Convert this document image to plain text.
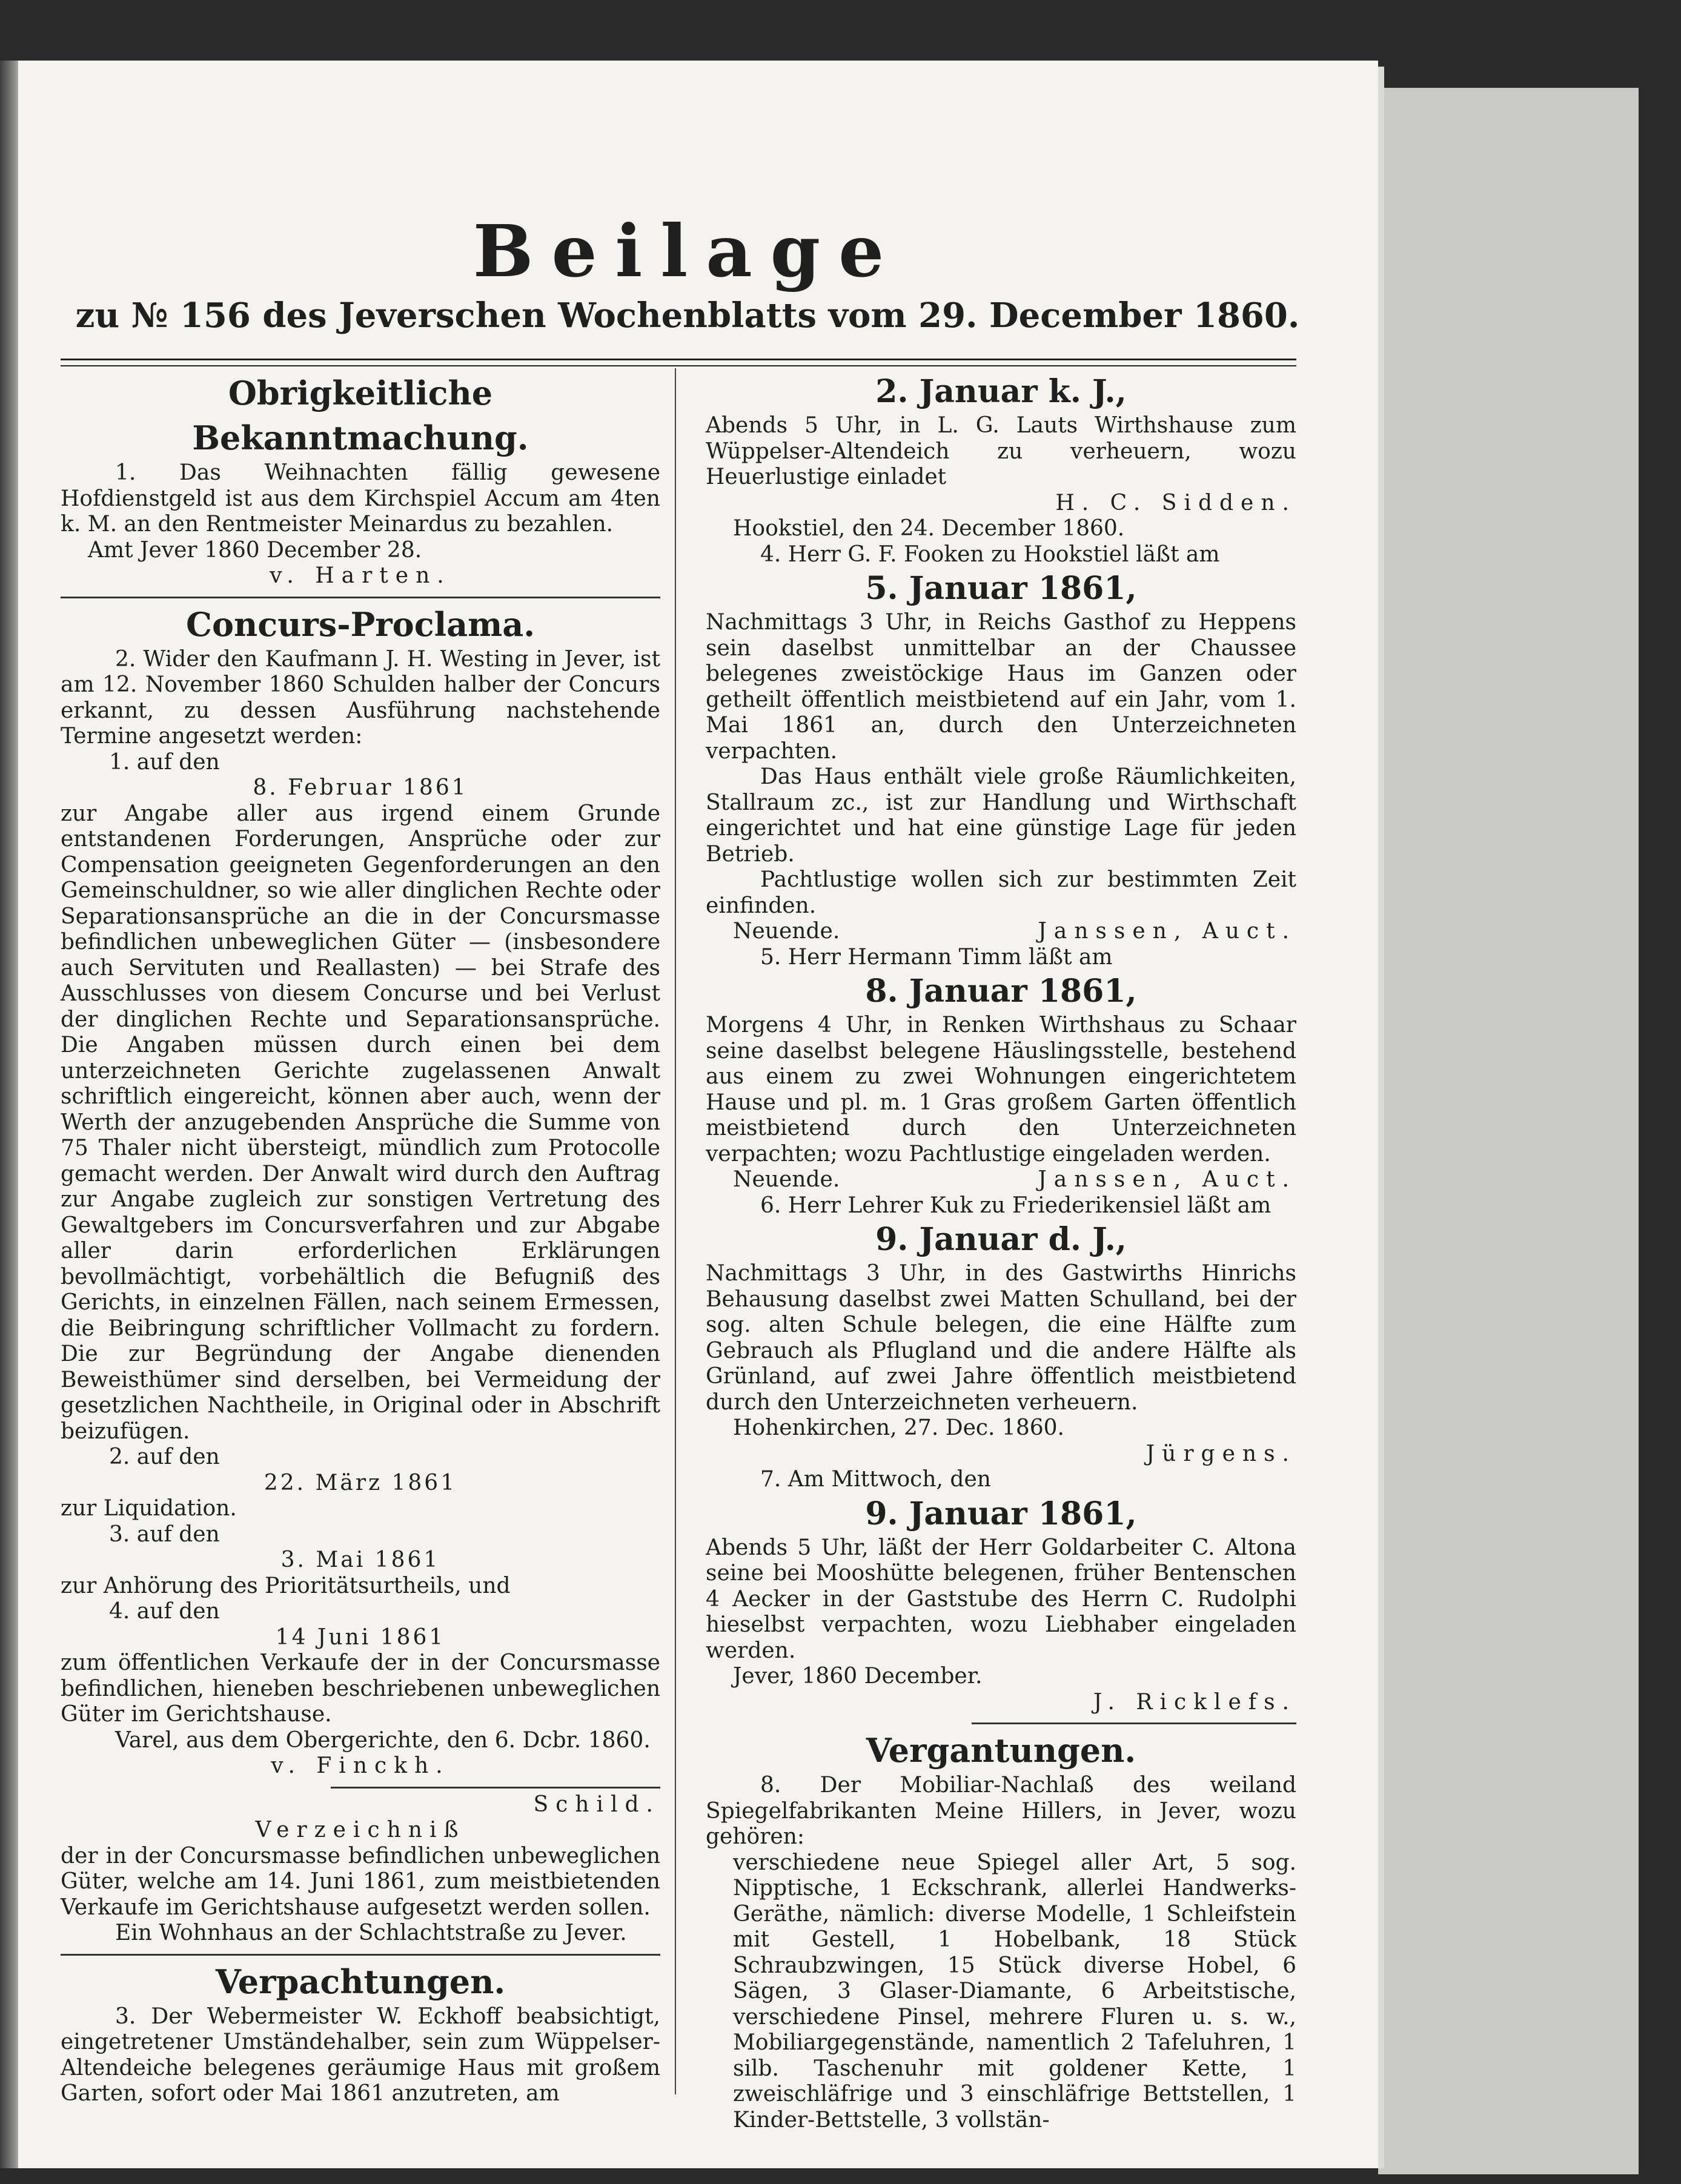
Beilage
zu № 156 des Jeverschen Wochenblatts vom 29. December 1860.

Obrigkeitliche Bekanntmachung.

1. Das Weihnachten fällig gewesene Hofdienstgeld ist aus dem Kirchspiel Accum am 4ten k. M. an den Rentmeister Meinardus zu bezahlen.

Amt Jever 1860 December 28.

v. Harten.

Concurs-Proclama.

2. Wider den Kaufmann J. H. Westing in Jever, ist am 12. November 1860 Schulden halber der Concurs erkannt, zu dessen Ausführung nachstehende Termine angesetzt werden:

1. auf den

8. Februar 1861

zur Angabe aller aus irgend einem Grunde entstandenen Forderungen, Ansprüche oder zur Compensation geeigneten Gegenforderungen an den Gemeinschuldner, so wie aller dinglichen Rechte oder Separationsansprüche an die in der Concursmasse befindlichen unbeweglichen Güter — (insbesondere auch Servituten und Reallasten) — bei Strafe des Ausschlusses von diesem Concurse und bei Verlust der dinglichen Rechte und Separationsansprüche. Die Angaben müssen durch einen bei dem unterzeichneten Gerichte zugelassenen Anwalt schriftlich eingereicht, können aber auch, wenn der Werth der anzugebenden Ansprüche die Summe von 75 Thaler nicht übersteigt, mündlich zum Protocolle gemacht werden. Der Anwalt wird durch den Auftrag zur Angabe zugleich zur sonstigen Vertretung des Gewaltgebers im Concursverfahren und zur Abgabe aller darin erforderlichen Erklärungen bevollmächtigt, vorbehältlich die Befugniß des Gerichts, in einzelnen Fällen, nach seinem Ermessen, die Beibringung schriftlicher Vollmacht zu fordern. Die zur Begründung der Angabe dienenden Beweisthümer sind derselben, bei Vermeidung der gesetzlichen Nachtheile, in Original oder in Abschrift beizufügen.

2. auf den

22. März 1861

zur Liquidation.

3. auf den

3. Mai 1861

zur Anhörung des Prioritätsurtheils, und

4. auf den

14 Juni 1861

zum öffentlichen Verkaufe der in der Concursmasse befindlichen, hieneben beschriebenen unbeweglichen Güter im Gerichtshause.

Varel, aus dem Obergerichte, den 6. Dcbr. 1860.

v. Finckh.

Schild.

Verzeichniß

der in der Concursmasse befindlichen unbeweglichen Güter, welche am 14. Juni 1861, zum meistbietenden Verkaufe im Gerichtshause aufgesetzt werden sollen.

Ein Wohnhaus an der Schlachtstraße zu Jever.

Verpachtungen.

3. Der Webermeister W. Eckhoff beabsichtigt, eingetretener Umständehalber, sein zum Wüppelser-Altendeiche belegenes geräumige Haus mit großem Garten, sofort oder Mai 1861 anzutreten, am

2. Januar k. J.,

Abends 5 Uhr, in L. G. Lauts Wirthshause zum Wüppelser-Altendeich zu verheuern, wozu Heuerlustige einladet

H. C. Sidden.

Hookstiel, den 24. December 1860.

4. Herr G. F. Fooken zu Hookstiel läßt am

5. Januar 1861,

Nachmittags 3 Uhr, in Reichs Gasthof zu Heppens sein daselbst unmittelbar an der Chaussee belegenes zweistöckige Haus im Ganzen oder getheilt öffentlich meistbietend auf ein Jahr, vom 1. Mai 1861 an, durch den Unterzeichneten verpachten.

Das Haus enthält viele große Räumlichkeiten, Stallraum zc., ist zur Handlung und Wirthschaft eingerichtet und hat eine günstige Lage für jeden Betrieb.

Pachtlustige wollen sich zur bestimmten Zeit einfinden.

Neuende.	Janssen, Auct.

5. Herr Hermann Timm läßt am

8. Januar 1861,

Morgens 4 Uhr, in Renken Wirthshaus zu Schaar seine daselbst belegene Häuslingsstelle, bestehend aus einem zu zwei Wohnungen eingerichtetem Hause und pl. m. 1 Gras großem Garten öffentlich meistbietend durch den Unterzeichneten verpachten; wozu Pachtlustige eingeladen werden.

Neuende.	Janssen, Auct.

6. Herr Lehrer Kuk zu Friederikensiel läßt am

9. Januar d. J.,

Nachmittags 3 Uhr, in des Gastwirths Hinrichs Behausung daselbst zwei Matten Schulland, bei der sog. alten Schule belegen, die eine Hälfte zum Gebrauch als Pflugland und die andere Hälfte als Grünland, auf zwei Jahre öffentlich meistbietend durch den Unterzeichneten verheuern.

Hohenkirchen, 27. Dec. 1860.

Jürgens.

7. Am Mittwoch, den

9. Januar 1861,

Abends 5 Uhr, läßt der Herr Goldarbeiter C. Altona seine bei Mooshütte belegenen, früher Bentenschen 4 Aecker in der Gaststube des Herrn C. Rudolphi hieselbst verpachten, wozu Liebhaber eingeladen werden.

Jever, 1860 December.

J. Ricklefs.

Vergantungen.

8. Der Mobiliar-Nachlaß des weiland Spiegelfabrikanten Meine Hillers, in Jever, wozu gehören:

verschiedene neue Spiegel aller Art, 5 sog. Nipptische, 1 Eckschrank, allerlei Handwerks-Geräthe, nämlich: diverse Modelle, 1 Schleifstein mit Gestell, 1 Hobelbank, 18 Stück Schraubzwingen, 15 Stück diverse Hobel, 6 Sägen, 3 Glaser-Diamante, 6 Arbeitstische, verschiedene Pinsel, mehrere Fluren u. s. w., Mobiliargegenstände, namentlich 2 Tafeluhren, 1 silb. Taschenuhr mit goldener Kette, 1 zweischläfrige und 3 einschläfrige Bettstellen, 1 Kinder-Bettstelle, 3 vollstän-
